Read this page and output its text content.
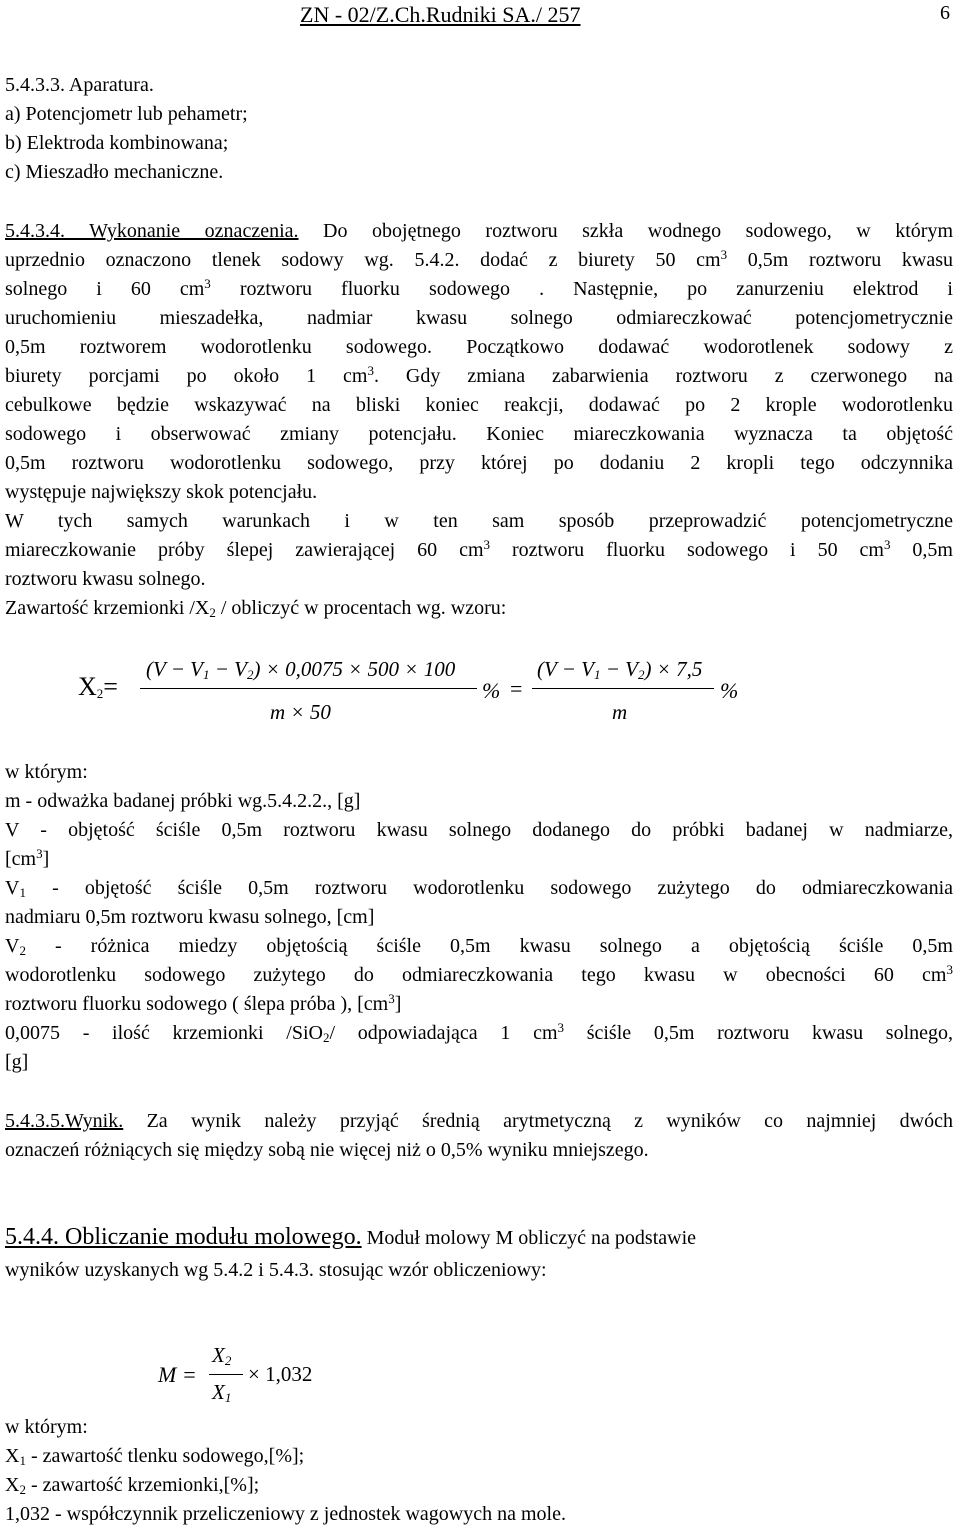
ZN - 02/Z.Ch.Rudniki SA./ 257	6
5.4.3.3. Aparatura.
a) Potencjometr lub pehametr;
b) Elektroda kombinowana;
c) Mieszadło mechaniczne.
5.4.3.4. Wykonanie oznaczenia. Do obojętnego roztworu szkła wodnego sodowego, w którym
uprzednio oznaczono tlenek sodowy wg. 5.4.2. dodać z biurety 50 $cm^3$ 0,5m roztworu kwasu
solnego i 60 $cm^3$ roztworu fluorku sodowego . Następnie, po zanurzeniu elektrod i
uruchomieniu mieszadełka, nadmiar kwasu solnego odmiareczkować potencjometrycznie
0,5m roztworem wodorotlenku sodowego. Początkowo dodawać wodorotlenek sodowy z
biurety porcjami po około 1 $cm^3$. Gdy zmiana zabarwienia roztworu z czerwonego na
cebulkowe będzie wskazywać na bliski koniec reakcji, dodawać po 2 krople wodorotlenku
sodowego i obserwować zmiany potencjału. Koniec miareczkowania wyznacza ta objętość
0,5m roztworu wodorotlenku sodowego, przy której po dodaniu 2 kropli tego odczynnika
występuje największy skok potencjału.
W tych samych warunkach i w ten sam sposób przeprowadzić potencjometryczne
miareczkowanie próby ślepej zawierającej 60 $cm^3$ roztworu fluorku sodowego i 50 $cm^3$ 0,5m
roztworu kwasu solnego.
Zawartość krzemionki $/X_2$ / obliczyć w procentach wg. wzoru:
$X_2=$
$(V - V_1 - V_2) \times 0,0075 \times 500 \times 100$
m × 50
% =
$(V - V_1 - V_2) \times 7,5$
m
%
w którym:
m - odważka badanej próbki wg.5.4.2.2., [g]
V - objętość ściśle 0,5m roztworu kwasu solnego dodanego do próbki badanej w nadmiarze,
$[cm^3]$
$V_1$ - objętość ściśle 0,5m roztworu wodorotlenku sodowego zużytego do odmiareczkowania
nadmiaru 0,5m roztworu kwasu solnego, [cm]
$V_2$ - różnica miedzy objętością ściśle 0,5m kwasu solnego a objętością ściśle 0,5m
wodorotlenku sodowego zużytego do odmiareczkowania tego kwasu w obecności 60 $cm^3$
roztworu fluorku sodowego ( ślepa próba ), $[cm^3]$
0,0075 - ilość krzemionki /SiO$_2$/ odpowiadająca 1 $cm^3$ ściśle 0,5m roztworu kwasu solnego,
[g]
5.4.3.5.Wynik. Za wynik należy przyjąć średnią arytmetyczną z wyników co najmniej dwóch
oznaczeń różniących się między sobą nie więcej niż o 0,5% wyniku mniejszego.
5.4.4. Obliczanie modułu molowego. Moduł molowy M obliczyć na podstawie
wyników uzyskanych wg 5.4.2 i 5.4.3. stosując wzór obliczeniowy:
M =
$X_2$
$X_1$
× 1,032
w którym:
$X_1$ - zawartość tlenku sodowego,[%];
$X_2$ - zawartość krzemionki,[%];
1,032 - współczynnik przeliczeniowy z jednostek wagowych na mole.
